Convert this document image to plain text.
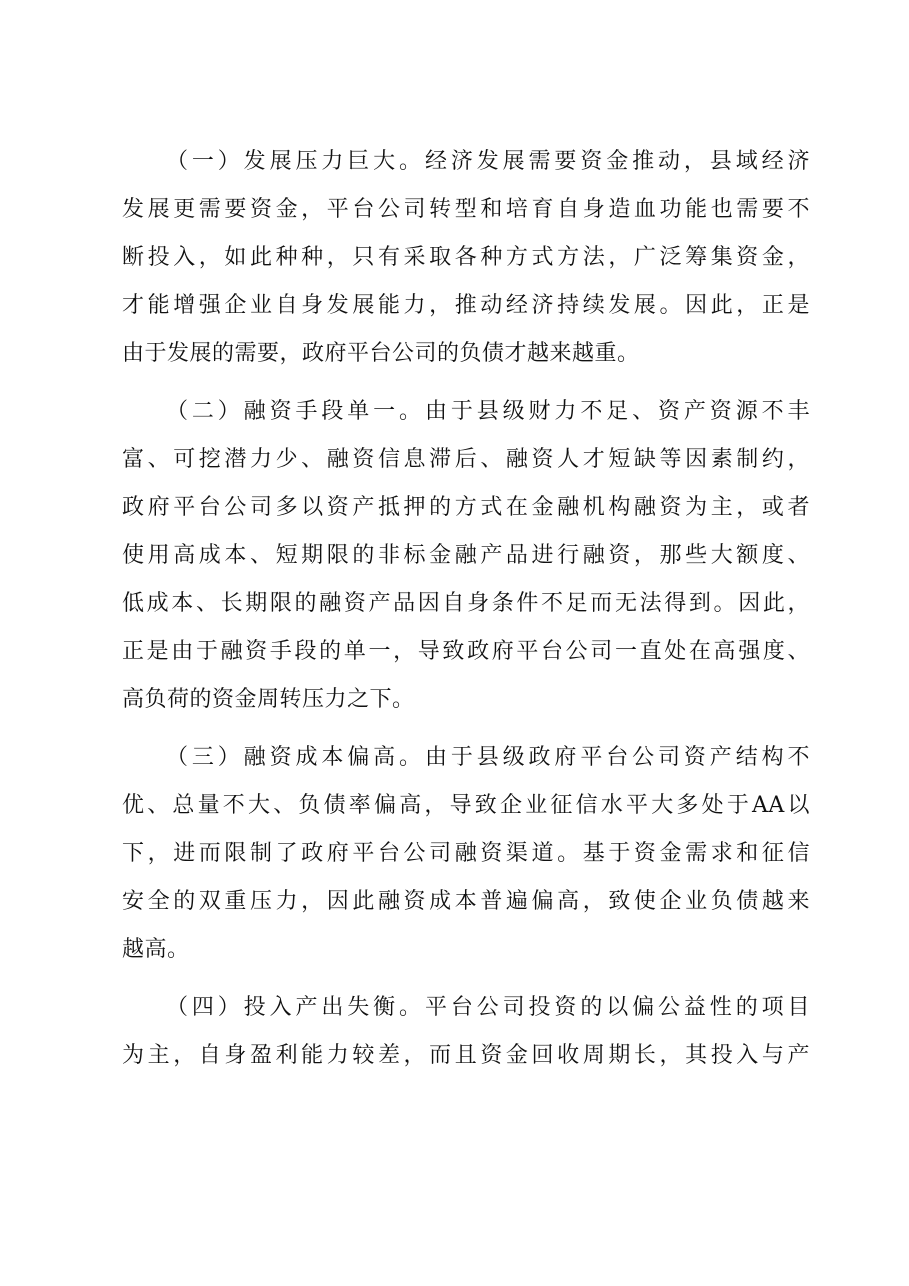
（一）发展压力巨大。经济发展需要资金推动，县域经济
发展更需要资金，平台公司转型和培育自身造血功能也需要不
断投入，如此种种，只有采取各种方式方法，广泛筹集资金，
才能增强企业自身发展能力，推动经济持续发展。因此，正是
由于发展的需要，政府平台公司的负债才越来越重。
（二）融资手段单一。由于县级财力不足、资产资源不丰
富、可挖潜力少、融资信息滞后、融资人才短缺等因素制约，
政府平台公司多以资产抵押的方式在金融机构融资为主，或者
使用高成本、短期限的非标金融产品进行融资，那些大额度、
低成本、长期限的融资产品因自身条件不足而无法得到。因此，
正是由于融资手段的单一，导致政府平台公司一直处在高强度、
高负荷的资金周转压力之下。
（三）融资成本偏高。由于县级政府平台公司资产结构不
优、总量不大、负债率偏高，导致企业征信水平大多处于AA以
下，进而限制了政府平台公司融资渠道。基于资金需求和征信
安全的双重压力，因此融资成本普遍偏高，致使企业负债越来
越高。
（四）投入产出失衡。平台公司投资的以偏公益性的项目
为主，自身盈利能力较差，而且资金回收周期长，其投入与产
